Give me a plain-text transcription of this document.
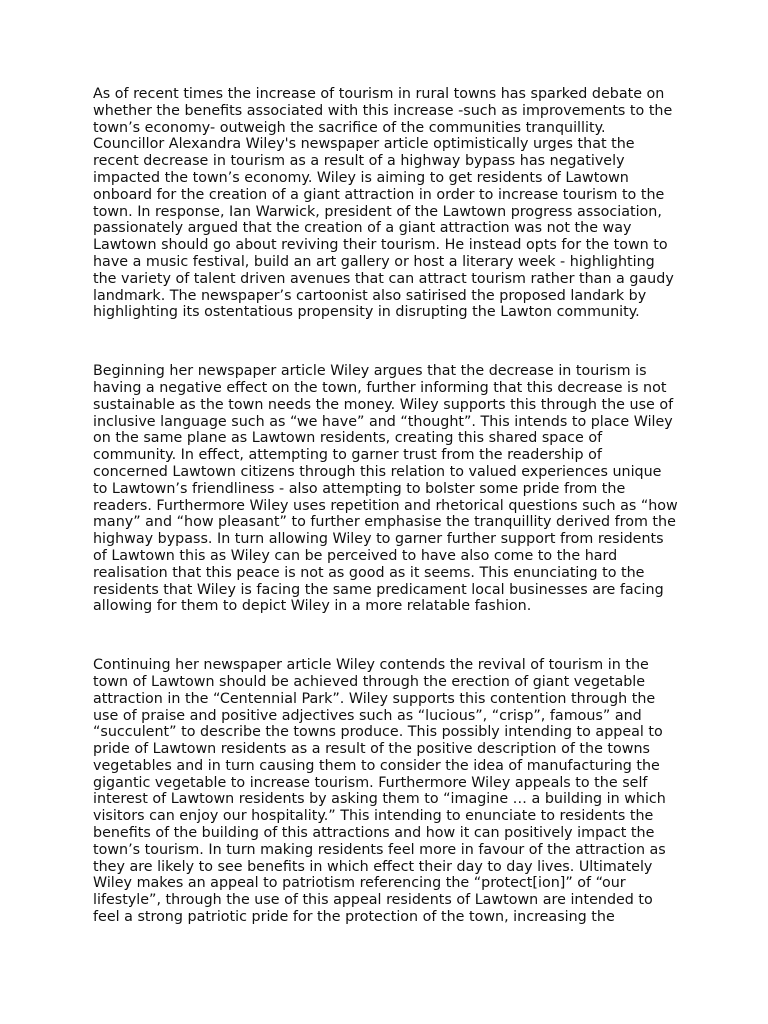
As of recent times the increase of tourism in rural towns has sparked debate on whether the benefits associated with this increase -such as improvements to the town’s economy- outweigh the sacrifice of the communities tranquillity. Councillor Alexandra Wiley's newspaper article optimistically urges that the recent decrease in tourism as a result of a highway bypass has negatively impacted the town’s economy. Wiley is aiming to get residents of Lawtown onboard for the creation of a giant attraction in order to increase tourism to the town. In response, Ian Warwick, president of the Lawtown progress association, passionately argued that the creation of a giant attraction was not the way Lawtown should go about reviving their tourism. He instead opts for the town to have a music festival, build an art gallery or host a literary week - highlighting the variety of talent driven avenues that can attract tourism rather than a gaudy landmark. The newspaper’s cartoonist also satirised the proposed landark by highlighting its ostentatious propensity in disrupting the Lawton community.

Beginning her newspaper article Wiley argues that the decrease in tourism is having a negative effect on the town, further informing that this decrease is not sustainable as the town needs the money. Wiley supports this through the use of inclusive language such as “we have” and “thought”. This intends to place Wiley on the same plane as Lawtown residents, creating this shared space of community. In effect, attempting to garner trust from the readership of concerned Lawtown citizens through this relation to valued experiences unique to Lawtown’s friendliness - also attempting to bolster some pride from the readers. Furthermore Wiley uses repetition and rhetorical questions such as “how many” and “how pleasant” to further emphasise the tranquillity derived from the highway bypass. In turn allowing Wiley to garner further support from residents of Lawtown this as Wiley can be perceived to have also come to the hard realisation that this peace is not as good as it seems. This enunciating to the residents that Wiley is facing the same predicament local businesses are facing allowing for them to depict Wiley in a more relatable fashion.

Continuing her newspaper article Wiley contends the revival of tourism in the town of Lawtown should be achieved through the erection of giant vegetable attraction in the “Centennial Park”. Wiley supports this contention through the use of praise and positive adjectives such as “lucious”, “crisp”, famous” and “succulent” to describe the towns produce. This possibly intending to appeal to pride of Lawtown residents as a result of the positive description of the towns vegetables and in turn causing them to consider the idea of manufacturing the gigantic vegetable to increase tourism. Furthermore Wiley appeals to the self interest of Lawtown residents by asking them to “imagine … a building in which visitors can enjoy our hospitality.” This intending to enunciate to residents the benefits of the building of this attractions and how it can positively impact the town’s tourism. In turn making residents feel more in favour of the attraction as they are likely to see benefits in which effect their day to day lives. Ultimately Wiley makes an appeal to patriotism referencing the “protect[ion]” of “our lifestyle”, through the use of this appeal residents of Lawtown are intended to feel a strong patriotic pride for the protection of the town, increasing the
